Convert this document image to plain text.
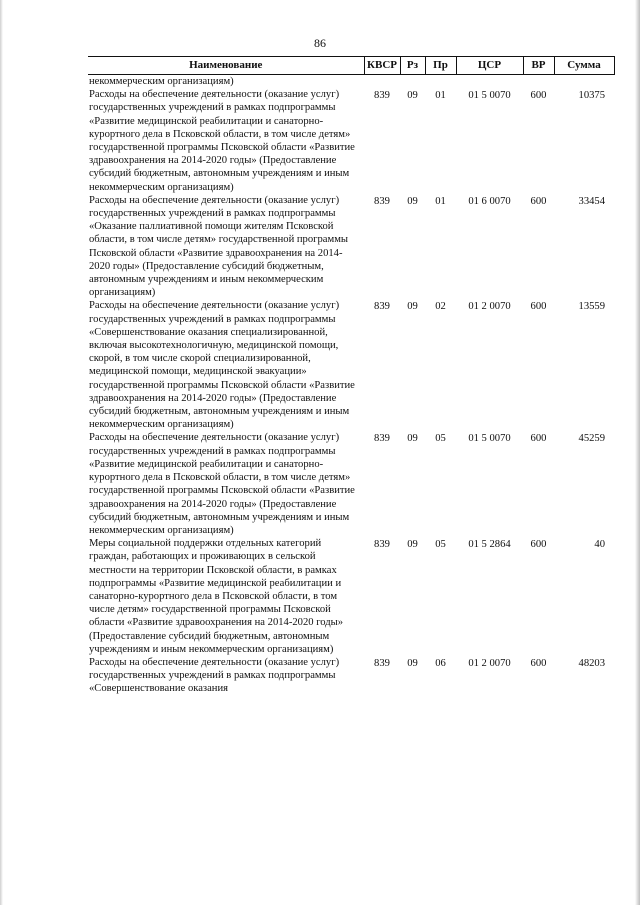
86
Наименование	КВСР	Рз	Пр	ЦСР	ВР	Сумма
некоммерческим организациям)						
Расходы на обеспечение деятельности (оказание услуг) государственных учреждений в рамках подпрограммы «Развитие медицинской реабилитации и санаторно-курортного дела в Псковской области, в том числе детям» государственной программы Псковской области «Развитие здравоохранения на 2014-2020 годы» (Предоставление субсидий бюджетным, автономным учреждениям и иным некоммерческим организациям)	839	09	01	01 5 0070	600	10375
Расходы на обеспечение деятельности (оказание услуг) государственных учреждений в рамках подпрограммы «Оказание паллиативной помощи жителям Псковской области, в том числе детям» государственной программы Псковской области «Развитие здравоохранения на 2014-2020 годы» (Предоставление субсидий бюджетным, автономным учреждениям и иным некоммерческим организациям)	839	09	01	01 6 0070	600	33454
Расходы на обеспечение деятельности (оказание услуг) государственных учреждений в рамках подпрограммы «Совершенствование оказания специализированной, включая высокотехнологичную, медицинской помощи, скорой, в том числе скорой специализированной, медицинской помощи, медицинской эвакуации» государственной программы Псковской области «Развитие здравоохранения на 2014-2020 годы» (Предоставление субсидий бюджетным, автономным учреждениям и иным некоммерческим организациям)	839	09	02	01 2 0070	600	13559
Расходы на обеспечение деятельности (оказание услуг) государственных учреждений в рамках подпрограммы «Развитие медицинской реабилитации и санаторно-курортного дела в Псковской области, в том числе детям» государственной программы Псковской области «Развитие здравоохранения на 2014-2020 годы» (Предоставление субсидий бюджетным, автономным учреждениям и иным некоммерческим организациям)	839	09	05	01 5 0070	600	45259
Меры социальной поддержки отдельных категорий граждан, работающих и проживающих в сельской местности на территории Псковской области, в рамках подпрограммы «Развитие медицинской реабилитации и санаторно-курортного дела в Псковской области, в том числе детям» государственной программы Псковской области «Развитие здравоохранения на 2014-2020 годы» (Предоставление субсидий бюджетным, автономным учреждениям и иным некоммерческим организациям)	839	09	05	01 5 2864	600	40
Расходы на обеспечение деятельности (оказание услуг) государственных учреждений в рамках подпрограммы «Совершенствование оказания	839	09	06	01 2 0070	600	48203
